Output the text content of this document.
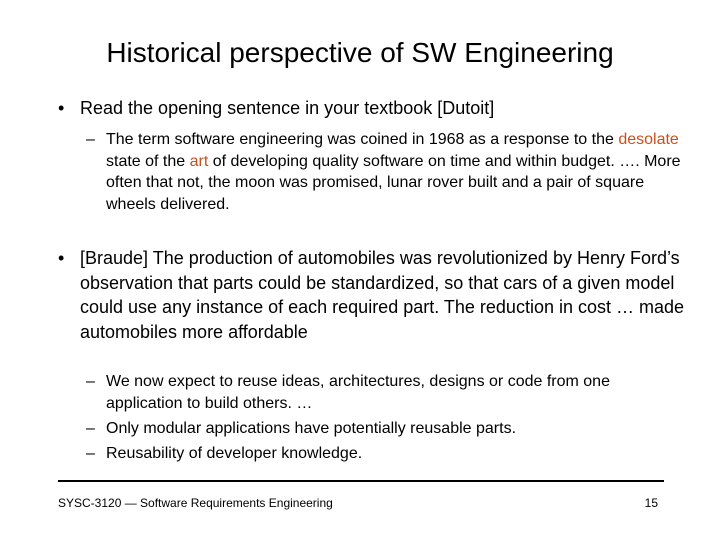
Historical perspective of SW Engineering

• Read the opening sentence in your textbook [Dutoit]

– The term software engineering was coined in 1968 as a response to the desolate state of the art of developing quality software on time and within budget. …. More often that not, the moon was promised, lunar rover built and a pair of square wheels delivered.

• [Braude] The production of automobiles was revolutionized by Henry Ford’s observation that parts could be standardized, so that cars of a given model could use any instance of each required part. The reduction in cost … made automobiles more affordable

– We now expect to reuse ideas, architectures, designs or code from one application to build others. …

– Only modular applications have potentially reusable parts.

– Reusability of developer knowledge.

SYSC-3120 — Software Requirements Engineering	15
